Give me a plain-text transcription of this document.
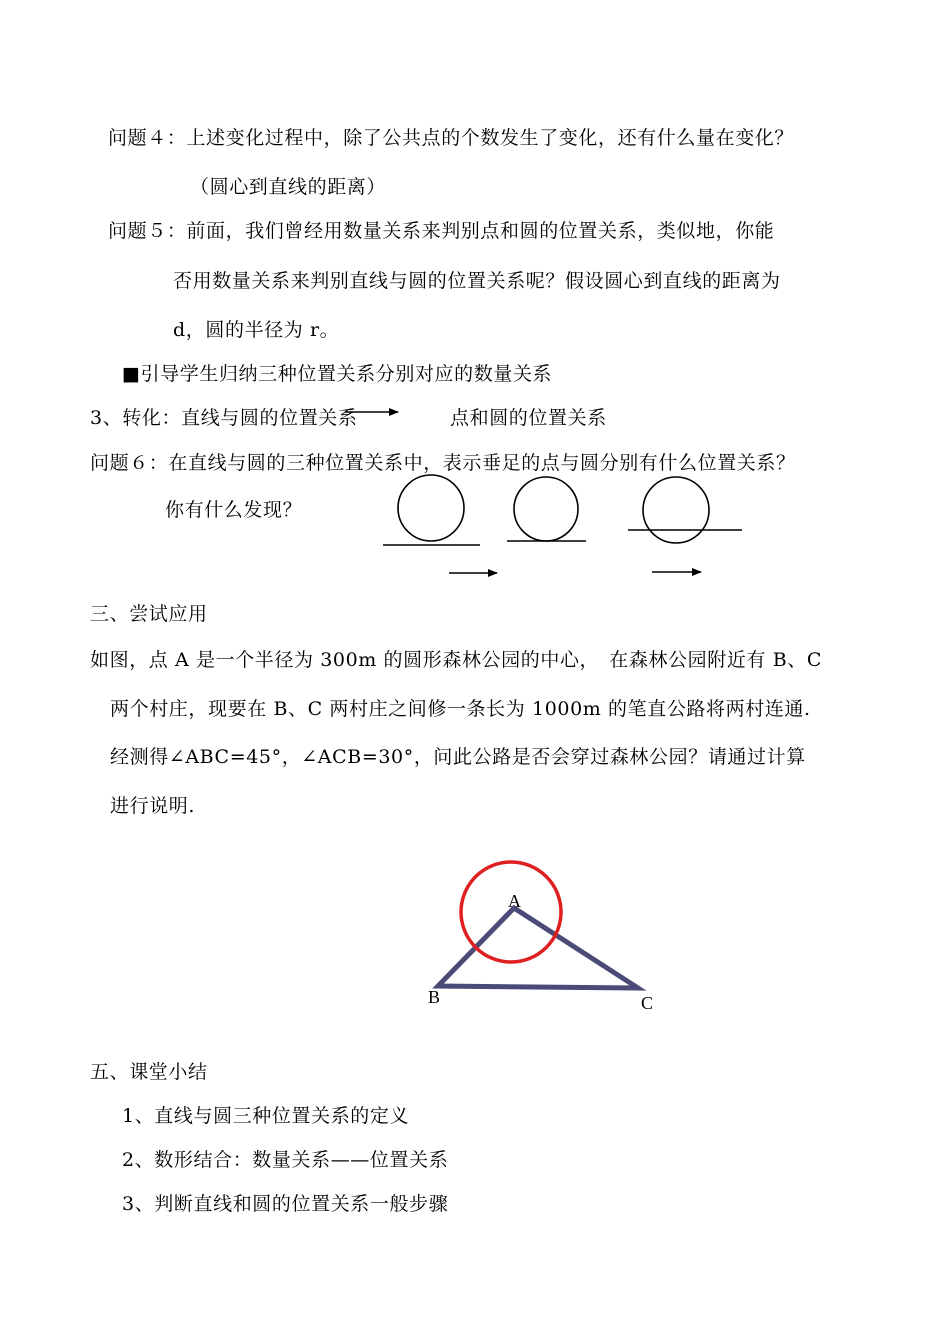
问题４：上述变化过程中，除了公共点的个数发生了变化，还有什么量在变化？
（圆心到直线的距离）
问题５：前面，我们曾经用数量关系来判别点和圆的位置关系，类似地，你能
否用数量关系来判别直线与圆的位置关系呢？假设圆心到直线的距离为
d，圆的半径为 r。
■引导学生归纳三种位置关系分别对应的数量关系
3、转化：直线与圆的位置关系	点和圆的位置关系
问题６：在直线与圆的三种位置关系中，表示垂足的点与圆分别有什么位置关系？
你有什么发现？
A
B	C
三、尝试应用
如图，点 A 是一个半径为 300m 的圆形森林公园的中心，　在森林公园附近有 B、C
两个村庄，现要在 B、C 两村庄之间修一条长为 1000m 的笔直公路将两村连通.
经测得∠ABC=45°，∠ACB=30°，问此公路是否会穿过森林公园？请通过计算
进行说明.
五、课堂小结
1、直线与圆三种位置关系的定义
2、数形结合：数量关系——位置关系
3、判断直线和圆的位置关系一般步骤
